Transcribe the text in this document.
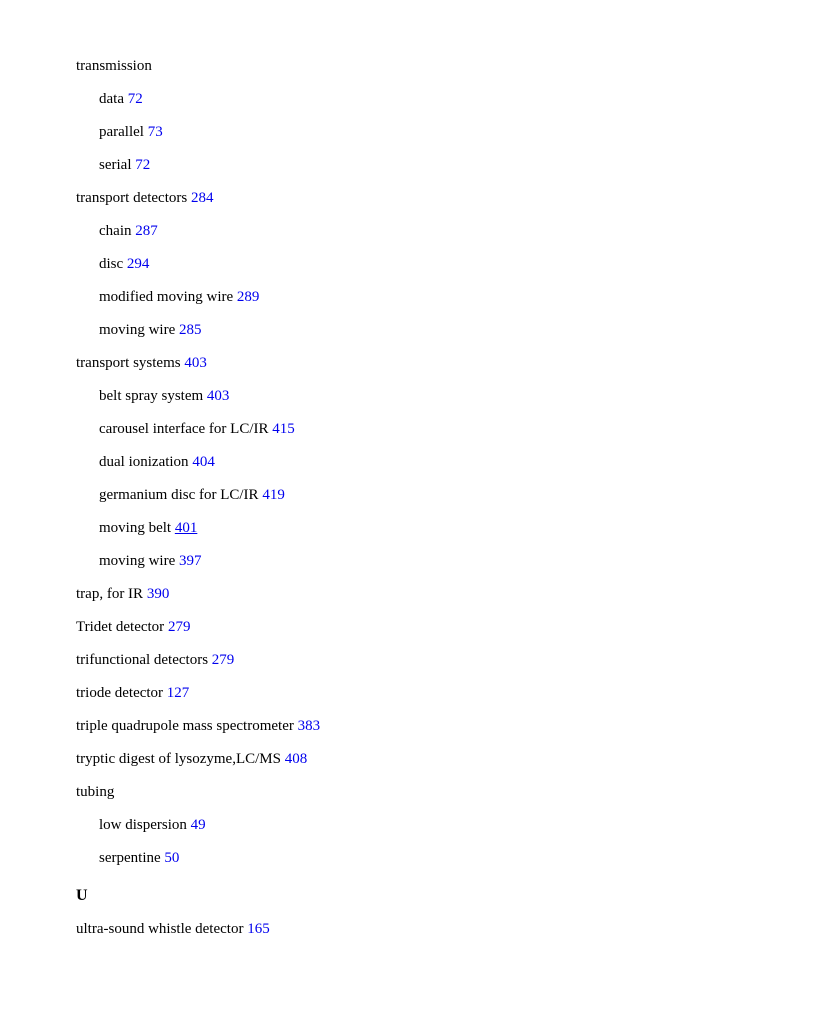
transmission
data 72
parallel 73
serial 72
transport detectors 284
chain 287
disc 294
modified moving wire 289
moving wire 285
transport systems 403
belt spray system 403
carousel interface for LC/IR 415
dual ionization 404
germanium disc for LC/IR 419
moving belt 401
moving wire 397
trap, for IR 390
Tridet detector 279
trifunctional detectors 279
triode detector 127
triple quadrupole mass spectrometer 383
tryptic digest of lysozyme,LC/MS 408
tubing
low dispersion 49
serpentine 50
U
ultra-sound whistle detector 165
